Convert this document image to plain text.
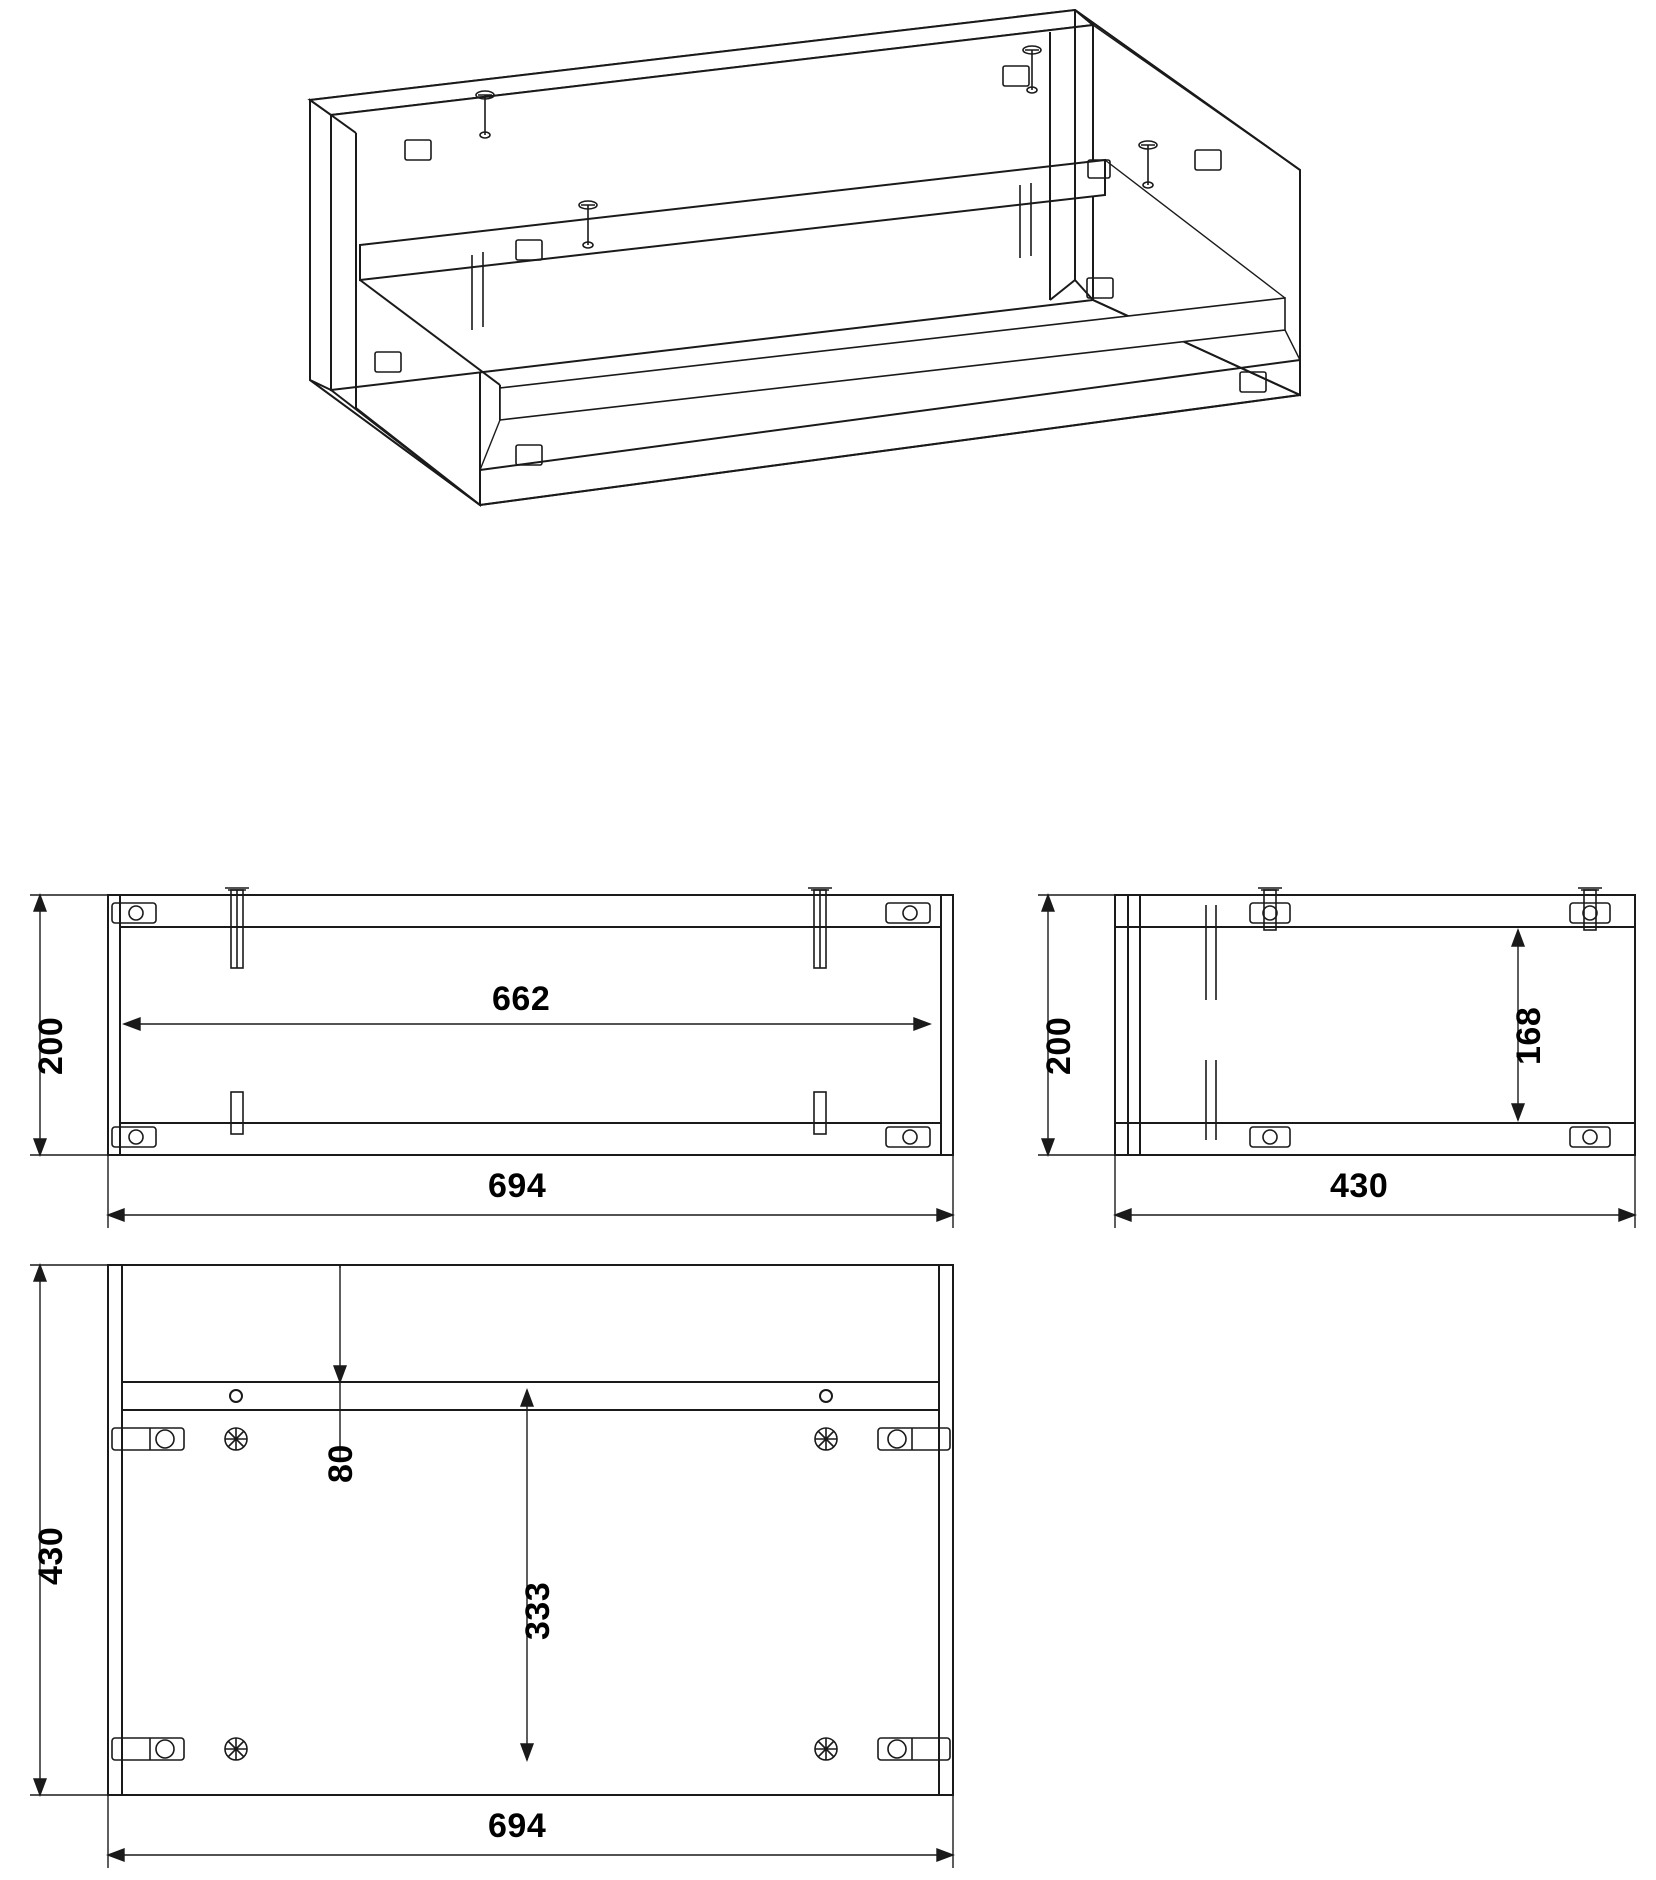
200
662
694
200	168
430
430
80
333
694
